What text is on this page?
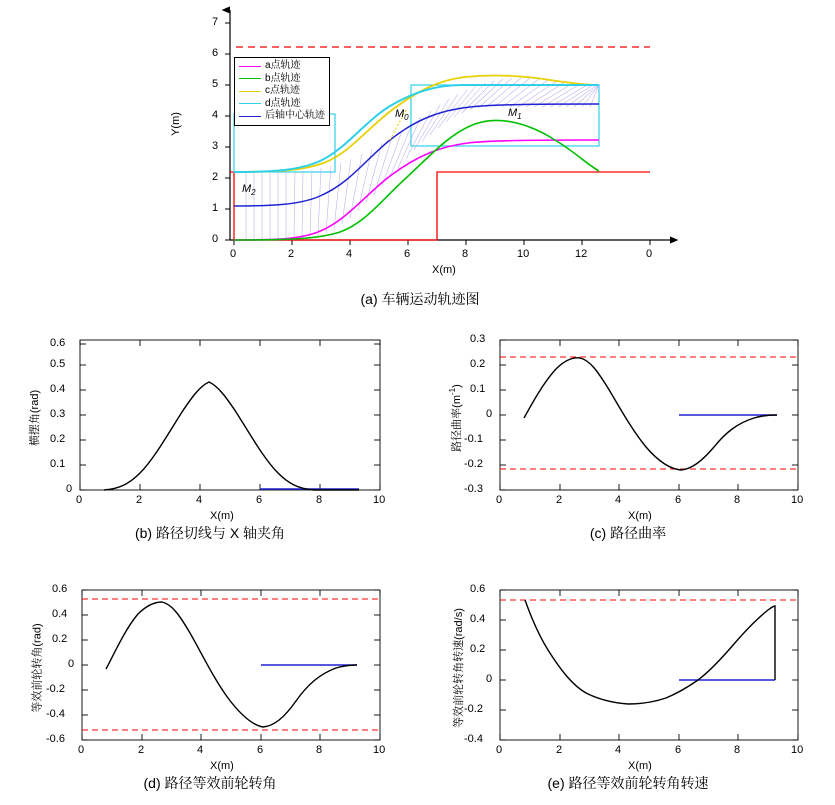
0
1
2
3
4
5
6
7
0	2	4	6	8	10	12	0
X(m)
Y(m)	$M_0$	$M_1$
$M_2$
a点轨迹
b点轨迹
c点轨迹
d点轨迹
后轴中心轨迹
(a) 车辆运动轨迹图
0
0.1
0.2
0.3
0.4
0.5
0.6
0	2	4	6	8	10
X(m)
横摆角(rad)
(b) 路径切线与 X 轴夹角
-0.3
-0.2
-0.1
0
0.1
0.2
0.3
0	2	4	6	8	10
X(m)
路径曲率$(m^{-1})$
(c) 路径曲率
-0.6
-0.4
-0.2
0
0.2
0.4
0.6
0	2	4	6	8	10
X(m)
等效前轮转角(rad)
(d) 路径等效前轮转角
-0.4
-0.2
0
0.2
0.4
0.6
0	2	4	6	8	10
X(m)
等效前轮转角转速(rad/s)
(e) 路径等效前轮转角转速
